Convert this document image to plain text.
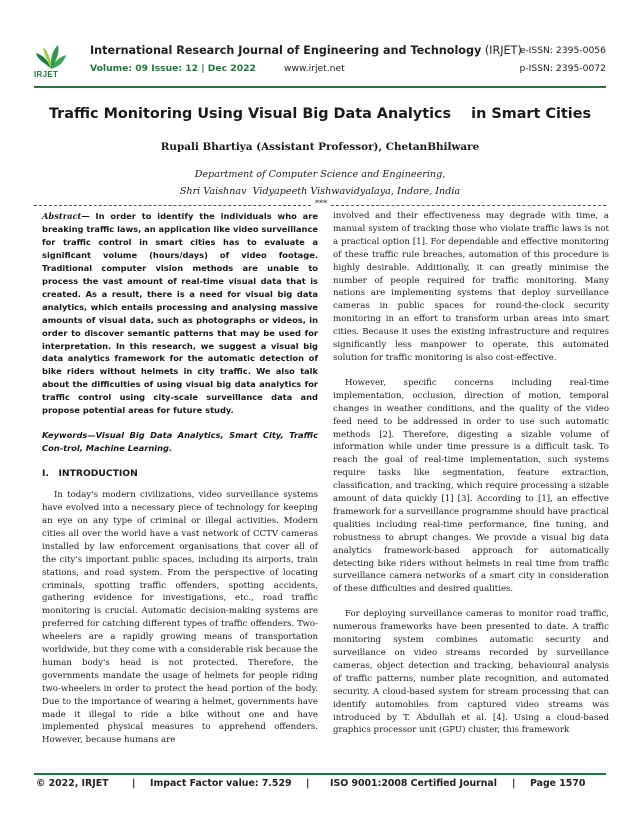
IRJET
International Research Journal of Engineering and Technology (IRJET)
Volume: 09 Issue: 12 | Dec 2022	www.irjet.net
e-ISSN: 2395-0056
p-ISSN: 2395-0072
Traffic Monitoring Using Visual Big Data Analytics    in Smart Cities
Rupali Bhartiya (Assistant Professor), ChetanBhilware
Department of Computer Science and Engineering,
Shri Vaishnav  Vidyapeeth Vishwavidyalaya, Indore, India
***

Abstract— In order to identify the individuals who are breaking traffic laws, an application like video surveillance for traffic control in smart cities has to evaluate a significant volume (hours/days) of video footage. Traditional computer vision methods are unable to process the vast amount of real-time visual data that is created. As a result, there is a need for visual big data analytics, which entails processing and analysing massive amounts of visual data, such as photographs or videos, in order to discover semantic patterns that may be used for interpretation. In this research, we suggest a visual big data analytics framework for the automatic detection of bike riders without helmets in city traffic. We also talk about the difficulties of using visual big data analytics for traffic control using city-scale surveillance data and propose potential areas for future study.

Keywords—Visual Big Data Analytics, Smart City, Traffic Con-trol, Machine Learning.

I.   INTRODUCTION

In today's modern civilizations, video surveillance systems have evolved into a necessary piece of technology for keeping an eye on any type of criminal or illegal activities. Modern cities all over the world have a vast network of CCTV cameras installed by law enforcement organisations that cover all of the city's important public spaces, including its airports, train stations, and road system. From the perspective of locating criminals, spotting traffic offenders, spotting accidents, gathering evidence for investigations, etc., road traffic monitoring is crucial. Automatic decision-making systems are preferred for catching different types of traffic offenders. Two-wheelers are a rapidly growing means of transportation worldwide, but they come with a considerable risk because the human body's head is not protected. Therefore, the governments mandate the usage of helmets for people riding two-wheelers in order to protect the head portion of the body. Due to the importance of wearing a helmet, governments have made it illegal to ride a bike without one and have implemented physical measures to apprehend offenders. However, because humans are

involved and their effectiveness may degrade with time, a manual system of tracking those who violate traffic laws is not a practical option [1]. For dependable and effective monitoring of these traffic rule breaches, automation of this procedure is highly desirable. Additionally, it can greatly minimise the number of people required for traffic monitoring. Many nations are implementing systems that deploy surveillance cameras in public spaces for round-the-clock security monitoring in an effort to transform urban areas into smart cities. Because it uses the existing infrastructure and requires significantly less manpower to operate, this automated solution for traffic monitoring is also cost-effective.

However, specific concerns including real-time implementation, occlusion, direction of motion, temporal changes in weather conditions, and the quality of the video feed need to be addressed in order to use such automatic methods [2]. Therefore, digesting a sizable volume of information while under time pressure is a difficult task. To reach the goal of real-time implementation, such systems require tasks like segmentation, feature extraction, classification, and tracking, which require processing a sizable amount of data quickly [1] [3]. According to [1], an effective framework for a surveillance programme should have practical qualities including real-time performance, fine tuning, and robustness to abrupt changes. We provide a visual big data analytics framework-based approach for automatically detecting bike riders without helmets in real time from traffic surveillance camera networks of a smart city in consideration of these difficulties and desired qualities.

For deploying surveillance cameras to monitor road traffic, numerous frameworks have been presented to date. A traffic monitoring system combines automatic security and surveillance on video streams recorded by surveillance cameras, object detection and tracking, behavioural analysis of traffic patterns, number plate recognition, and automated security. A cloud-based system for stream processing that can identify automobiles from captured video streams was introduced by T. Abdullah et al. [4]. Using a cloud-based graphics processor unit (GPU) cluster, this framework

© 2022, IRJET | Impact Factor value: 7.529 | ISO 9001:2008 Certified Journal | Page 1570
